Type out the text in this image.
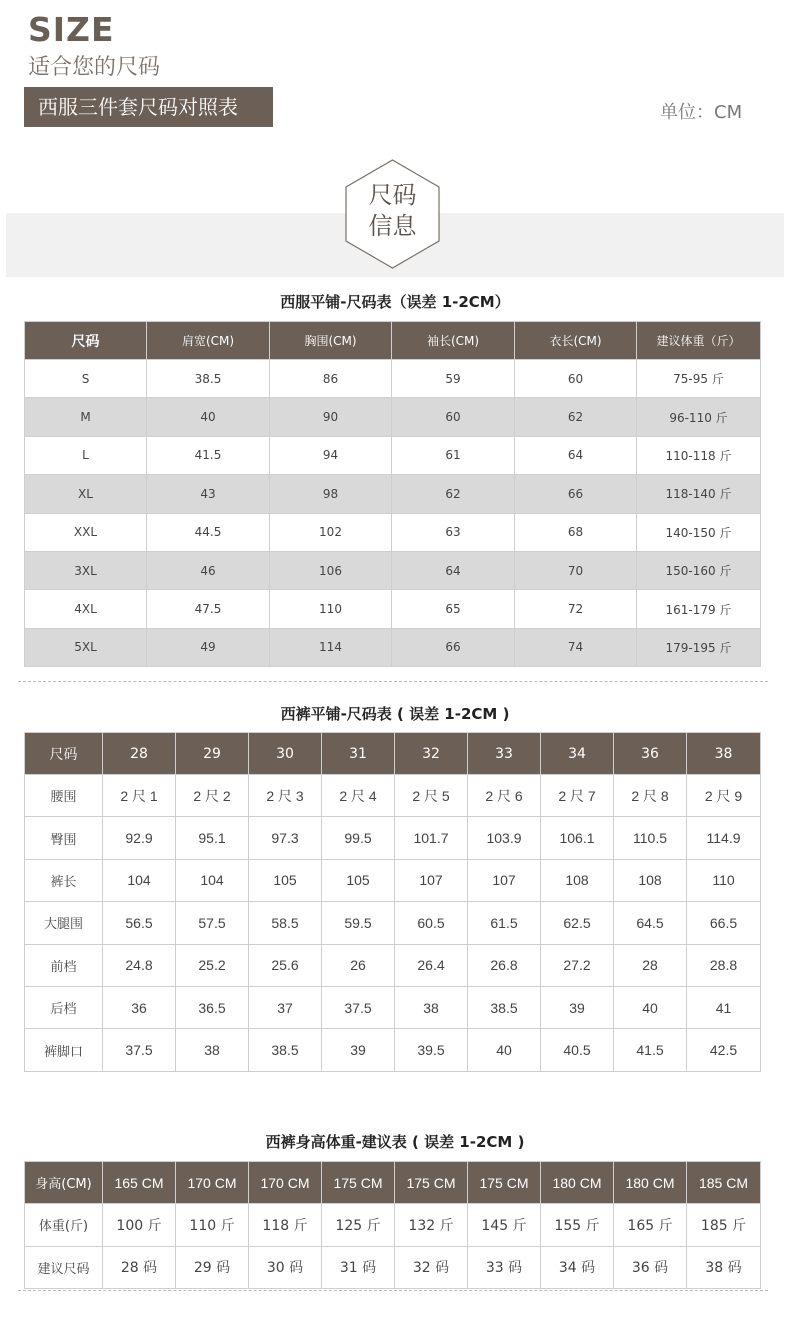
SIZE
适合您的尺码
西服三件套尺码对照表	单位：CM
尺码
信息
西服平铺-尺码表（误差 1-2CM）
尺码	肩宽(CM)	胸围(CM)	袖长(CM)	衣长(CM)	建议体重（斤）
S	38.5	86	59	60	75-95 斤
M	40	90	60	62	96-110 斤
L	41.5	94	61	64	110-118 斤
XL	43	98	62	66	118-140 斤
XXL	44.5	102	63	68	140-150 斤
3XL	46	106	64	70	150-160 斤
4XL	47.5	110	65	72	161-179 斤
5XL	49	114	66	74	179-195 斤
西裤平铺-尺码表 ( 误差 1-2CM )
尺码	28	29	30	31	32	33	34	36	38
腰围	2 尺 1	2 尺 2	2 尺 3	2 尺 4	2 尺 5	2 尺 6	2 尺 7	2 尺 8	2 尺 9
臀围	92.9	95.1	97.3	99.5	101.7	103.9	106.1	110.5	114.9
裤长	104	104	105	105	107	107	108	108	110
大腿围	56.5	57.5	58.5	59.5	60.5	61.5	62.5	64.5	66.5
前档	24.8	25.2	25.6	26	26.4	26.8	27.2	28	28.8
后档	36	36.5	37	37.5	38	38.5	39	40	41
裤脚口	37.5	38	38.5	39	39.5	40	40.5	41.5	42.5
西裤身高体重-建议表 ( 误差 1-2CM )
身高(CM)	165 CM	170 CM	170 CM	175 CM	175 CM	175 CM	180 CM	180 CM	185 CM
体重(斤)	100 斤	110 斤	118 斤	125 斤	132 斤	145 斤	155 斤	165 斤	185 斤
建议尺码	28 码	29 码	30 码	31 码	32 码	33 码	34 码	36 码	38 码
